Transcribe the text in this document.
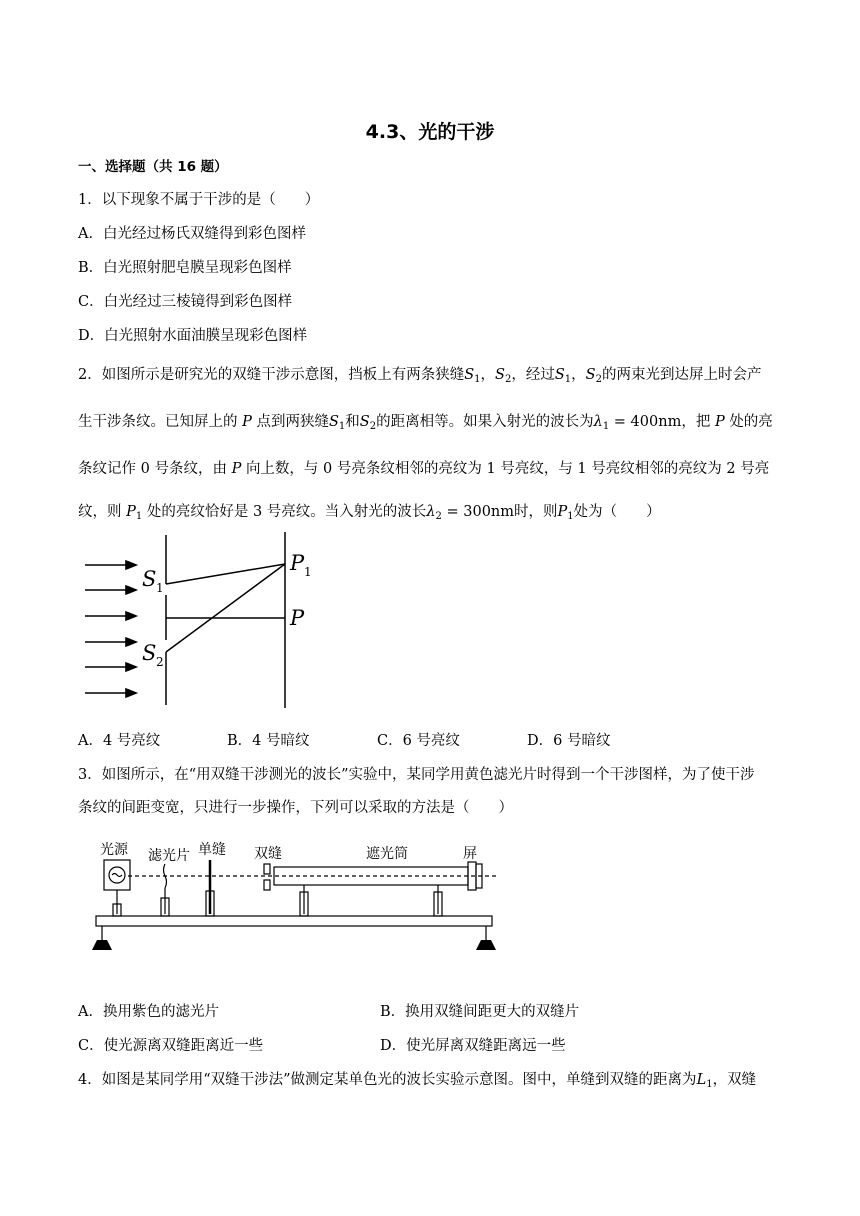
4.3、光的干涉
一、选择题（共 16 题）
1．以下现象不属于干涉的是（　　）
A．白光经过杨氏双缝得到彩色图样
B．白光照射肥皂膜呈现彩色图样
C．白光经过三棱镜得到彩色图样
D．白光照射水面油膜呈现彩色图样
2．如图所示是研究光的双缝干涉示意图，挡板上有两条狭缝$S_1$，$S_2$，经过$S_1$，$S_2$的两束光到达屏上时会产
生干涉条纹。已知屏上的 P 点到两狭缝$S_1$和$S_2$的距离相等。如果入射光的波长为$\lambda_1 = 400nm$，把 P 处的亮
条纹记作 0 号条纹，由 P 向上数，与 0 号亮条纹相邻的亮纹为 1 号亮纹，与 1 号亮纹相邻的亮纹为 2 号亮
纹，则 $P_1$ 处的亮纹恰好是 3 号亮纹。当入射光的波长$\lambda_2 = 300nm$时，则$P_1$处为（　　）
S 1
S 2
P 1
P
A．4 号亮纹	B．4 号暗纹	C．6 号亮纹	D．6 号暗纹
3．如图所示，在“用双缝干涉测光的波长”实验中，某同学用黄色滤光片时得到一个干涉图样，为了使干涉
条纹的间距变宽，只进行一步操作，下列可以采取的方法是（　　）
光源 滤光片 单缝 双缝	遮光筒	屏
A．换用紫色的滤光片	B．换用双缝间距更大的双缝片
C．使光源离双缝距离近一些	D．使光屏离双缝距离远一些
4．如图是某同学用“双缝干涉法”做测定某单色光的波长实验示意图。图中，单缝到双缝的距离为$L_1$，双缝
